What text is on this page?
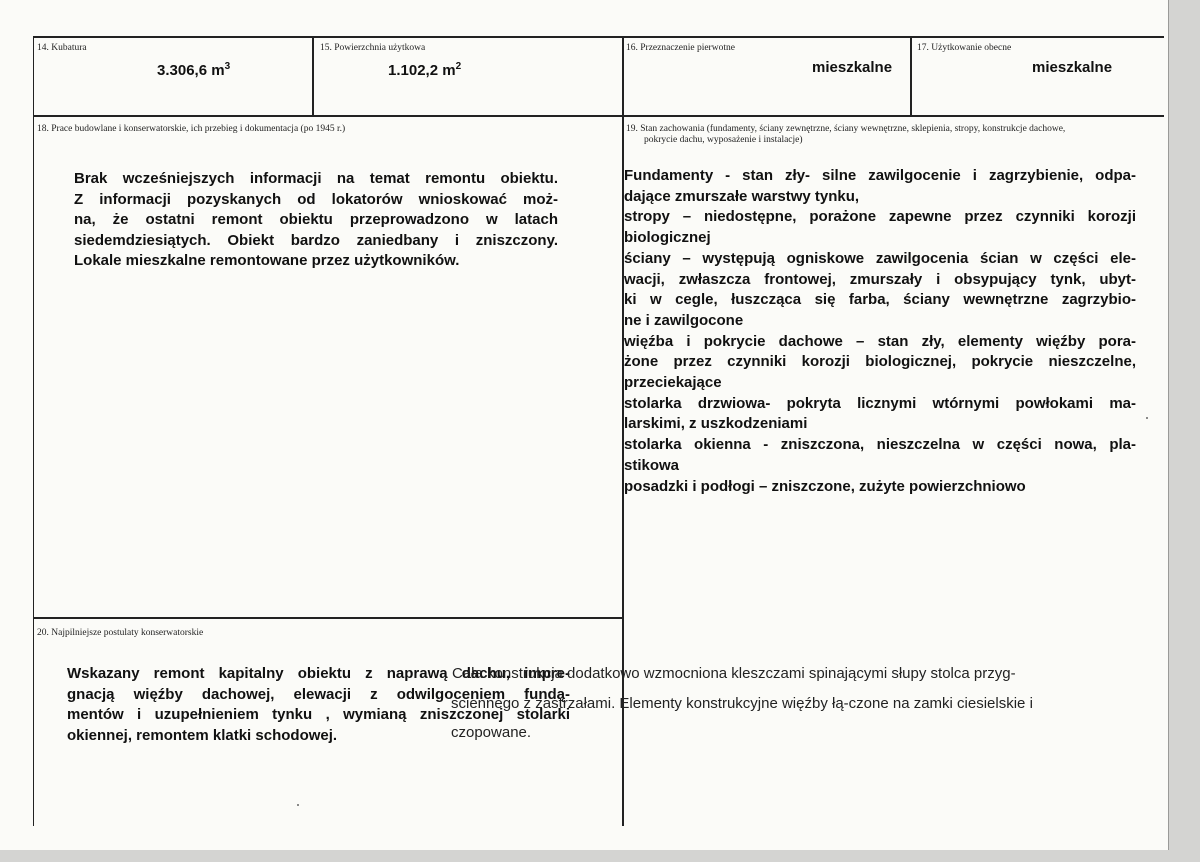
14. Kubatura
3.306,6 $m^3$
15. Powierzchnia użytkowa
1.102,2 $m^2$
16. Przeznaczenie pierwotne
mieszkalne
17. Użytkowanie obecne
mieszkalne
18. Prace budowlane i konserwatorskie, ich przebieg i dokumentacja (po 1945 r.)
Brak wcześniejszych informacji na temat remontu obiektu.
Z informacji pozyskanych od lokatorów wnioskować moż-
na, że ostatni remont obiektu przeprowadzono w latach
siedemdziesiątych. Obiekt bardzo zaniedbany i zniszczony.
Lokale mieszkalne remontowane przez użytkowników.
19. Stan zachowania (fundamenty, ściany zewnętrzne, ściany wewnętrzne, sklepienia, stropy, konstrukcje dachowe,
pokrycie dachu, wyposażenie i instalacje)
Fundamenty - stan zły- silne zawilgocenie i zagrzybienie, odpa-
dające zmurszałe warstwy tynku,
stropy – niedostępne, porażone zapewne przez czynniki korozji
biologicznej
ściany – występują ogniskowe zawilgocenia ścian w części ele-
wacji, zwłaszcza frontowej, zmurszały i obsypujący tynk, ubyt-
ki w cegle, łuszcząca się farba, ściany wewnętrzne zagrzybio-
ne i zawilgocone
więźba i pokrycie dachowe – stan zły, elementy więźby pora-
żone przez czynniki korozji biologicznej, pokrycie nieszczelne,
przeciekające
stolarka drzwiowa- pokryta licznymi wtórnymi powłokami ma-
larskimi, z uszkodzeniami
stolarka okienna - zniszczona, nieszczelna w części nowa, pla-
stikowa
posadzki i podłogi – zniszczone, zużyte powierzchniowo
20. Najpilniejsze postulaty konserwatorskie
Wskazany remont kapitalny obiektu z naprawą dachu, impre-
gnacją więźby dachowej, elewacji z odwilgoceniem fundą-
mentów i uzupełnieniem tynku , wymianą zniszczonej stolarki
okiennej, remontem klatki schodowej.
Cała konstrukcja dodatkowo wzmocniona kleszczami spinającymi słupy stolca przyg-
sciennego z zastrzałami. Elementy konstrukcyjne więźby łą-czone na zamki ciesielskie i
czopowane.
